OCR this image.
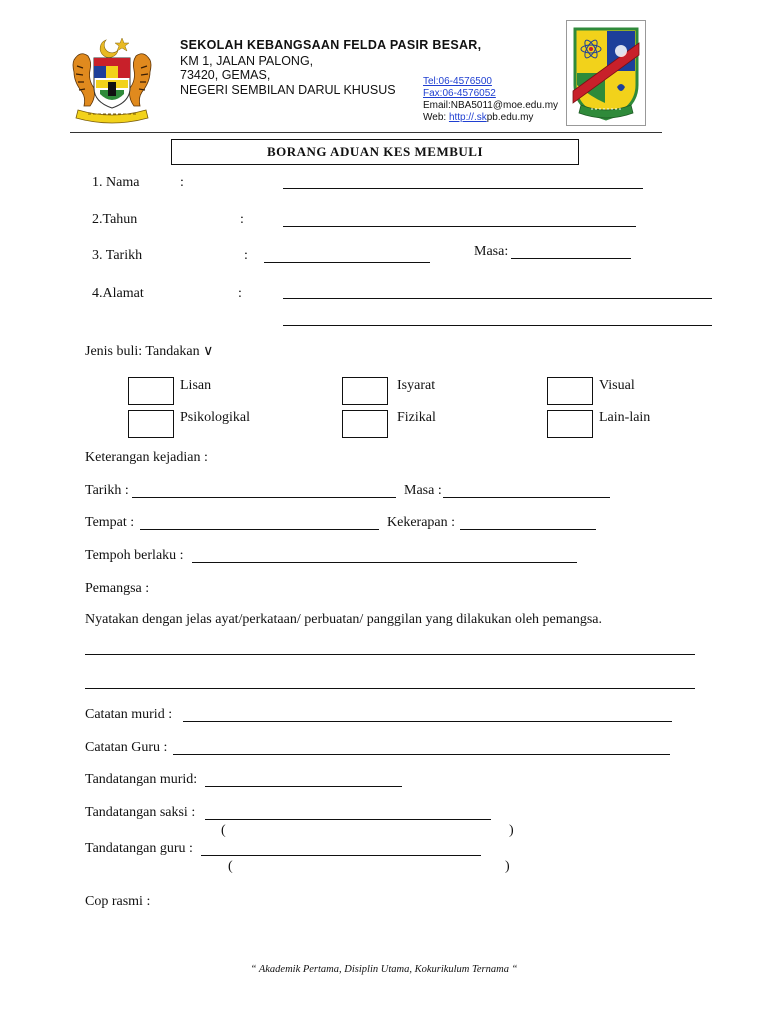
SEKOLAH KEBANGSAAN FELDA PASIR BESAR,
KM 1, JALAN PALONG,
73420, GEMAS,
NEGERI SEMBILAN DARUL KHUSUS
Tel:06-4576500
Fax:06-4576052
Email:NBA5011@moe.edu.my
Web: http://.skpb.edu.my
BORANG ADUAN KES MEMBULI
1. Nama	:
2.Tahun	:
3. Tarikh	:	Masa:
4.Alamat	:
Jenis buli: Tandakan ∨
Lisan	Isyarat	Visual
Psikologikal	Fizikal	Lain-lain
Keterangan kejadian :
Tarikh :	Masa :
Tempat :	Kekerapan :
Tempoh berlaku :
Pemangsa :
Nyatakan dengan jelas ayat/perkataan/ perbuatan/ panggilan yang dilakukan oleh pemangsa.
Catatan murid :
Catatan Guru :
Tandatangan murid:
Tandatangan saksi :
(	)
Tandatangan guru :
(	)
Cop rasmi :
“ Akademik Pertama, Disiplin Utama, Kokurikulum Ternama “
